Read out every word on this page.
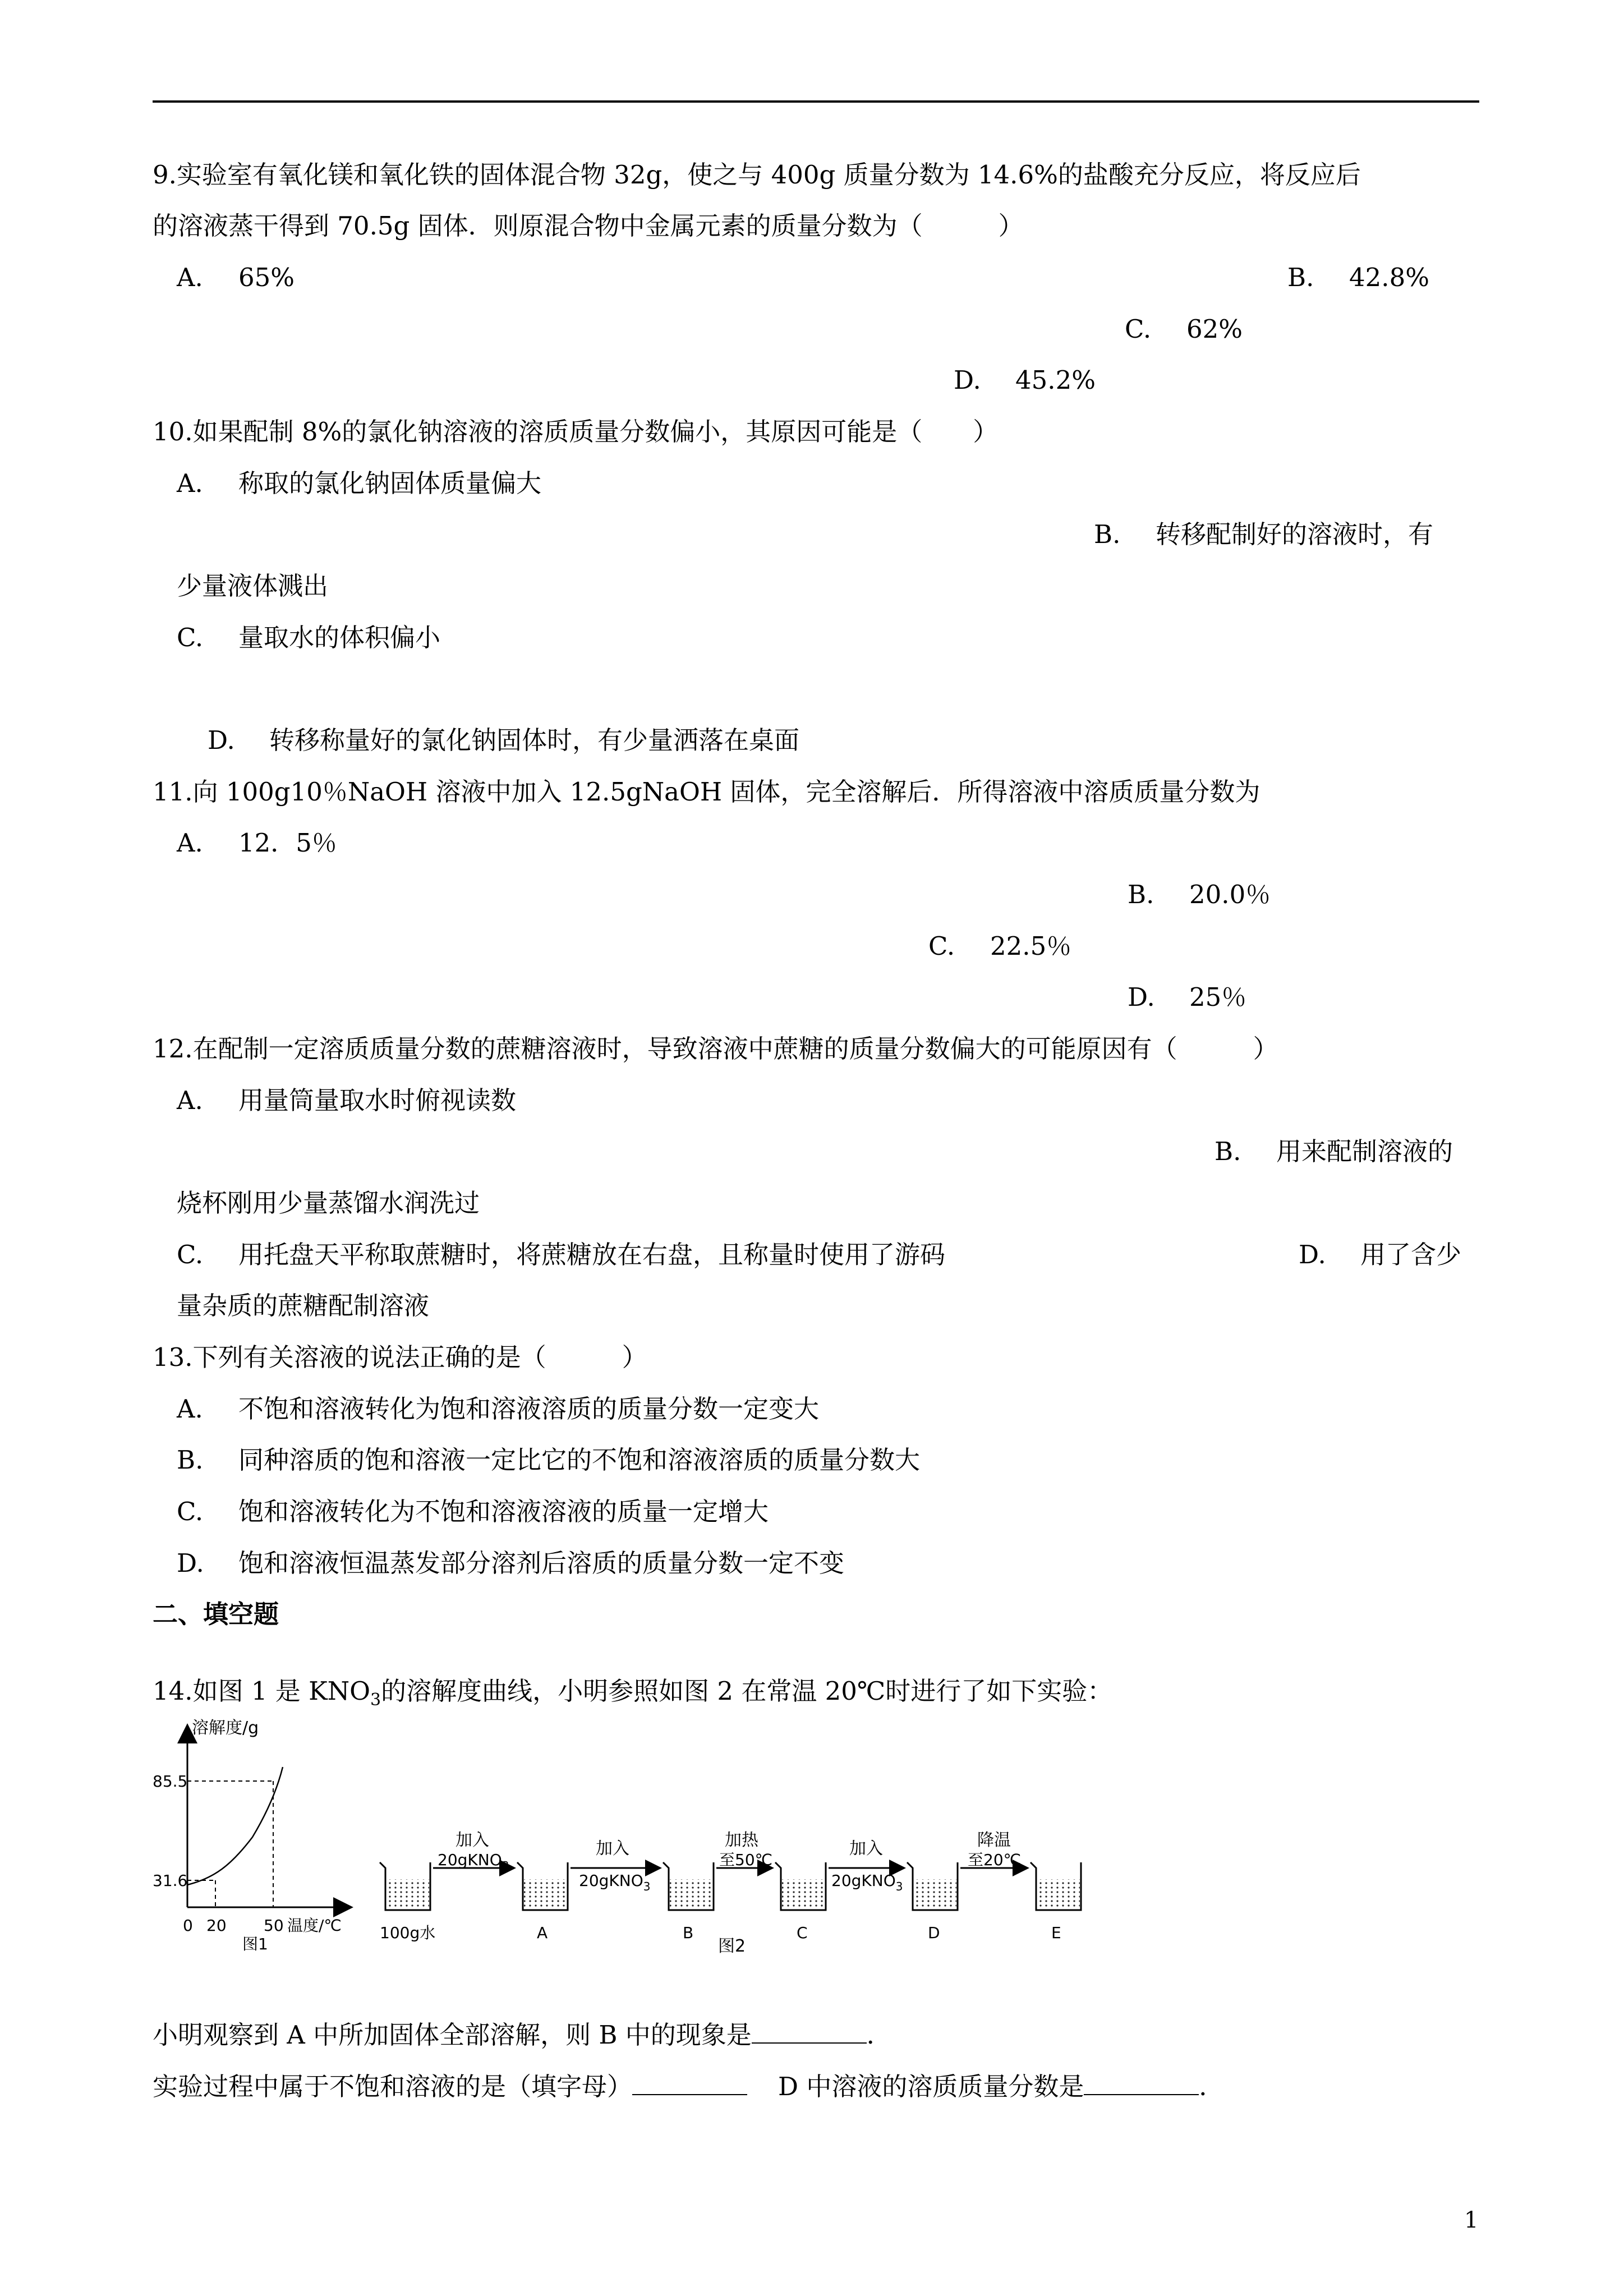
9.实验室有氧化镁和氧化铁的固体混合物 32g，使之与 400g 质量分数为 14.6%的盐酸充分反应，将反应后
的溶液蒸干得到 70.5g 固体．则原混合物中金属元素的质量分数为（　　　）
A. 65%	B. 42.8%
C. 62%
D. 45.2%
10.如果配制 8%的氯化钠溶液的溶质质量分数偏小，其原因可能是（　　）
A. 称取的氯化钠固体质量偏大
B. 转移配制好的溶液时，有
少量液体溅出
C. 量取水的体积偏小
D. 转移称量好的氯化钠固体时，有少量洒落在桌面
11.向 100g10％NaOH 溶液中加入 12.5gNaOH 固体，完全溶解后．所得溶液中溶质质量分数为
A. 12．5％
B. 20.0％
C. 22.5％
D. 25％
12.在配制一定溶质质量分数的蔗糖溶液时，导致溶液中蔗糖的质量分数偏大的可能原因有（　　　）
A. 用量筒量取水时俯视读数
B. 用来配制溶液的
烧杯刚用少量蒸馏水润洗过
C. 用托盘天平称取蔗糖时，将蔗糖放在右盘，且称量时使用了游码	D. 用了含少
量杂质的蔗糖配制溶液
13.下列有关溶液的说法正确的是（　　　）
A. 不饱和溶液转化为饱和溶液溶质的质量分数一定变大
B. 同种溶质的饱和溶液一定比它的不饱和溶液溶质的质量分数大
C. 饱和溶液转化为不饱和溶液溶液的质量一定增大
D. 饱和溶液恒温蒸发部分溶剂后溶质的质量分数一定不变
二、填空题
14.如图 1 是 $KNO_3$的溶解度曲线，小明参照如图 2 在常温 20℃时进行了如下实验：
溶解度/g
85.5
31.6
0 20 50 温度/℃
图1
加入
20gKNO$_3$
加入
20gKNO$_3$
加热
至50℃
加入
20gKNO$_3$
降温
至20℃
100g水	A	B	C	D	E
图2
小明观察到 A 中所加固体全部溶解，则 B 中的现象是	．
实验过程中属于不饱和溶液的是（填字母）	D 中溶液的溶质质量分数是	．
1
